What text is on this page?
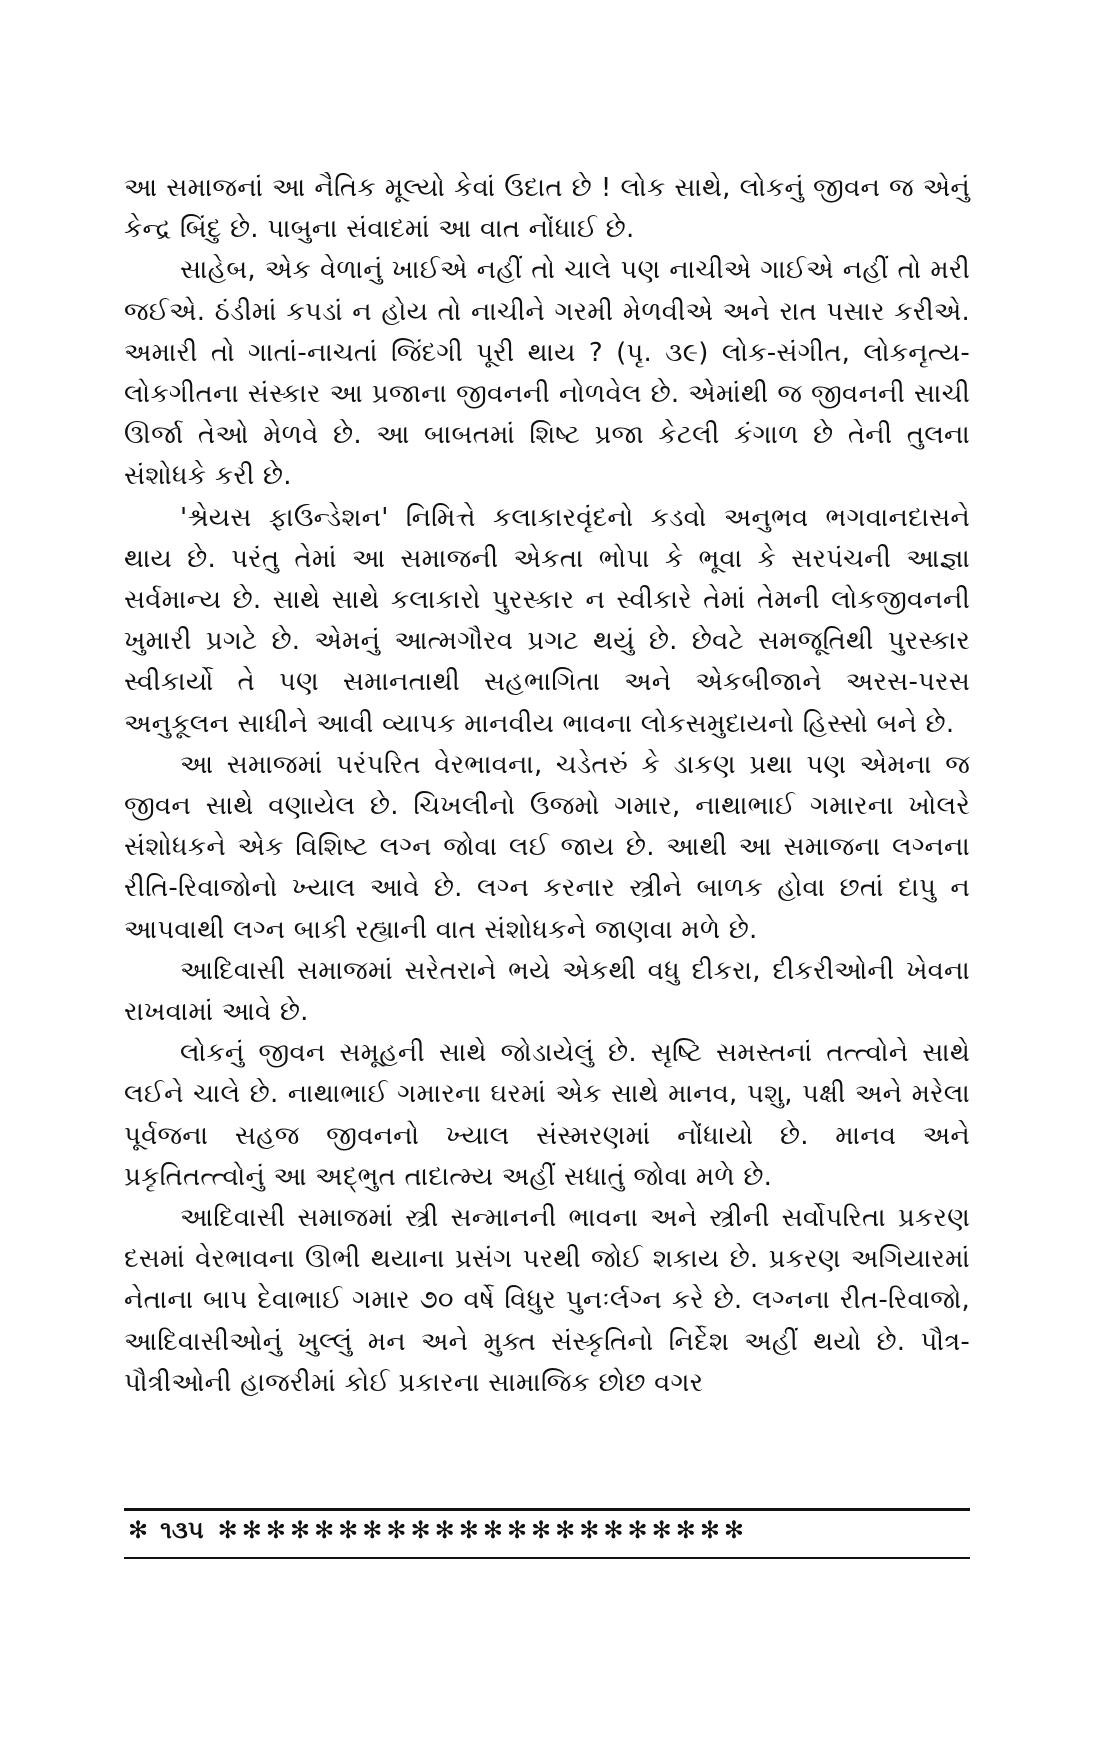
આ સમાજનાં આ નૈતિક મૂલ્યો કેવાં ઉદાત છે ! લોક સાથે, લોકનું જીવન જ એનું કેન્દ્ર બિંદુ છે. પાબુના સંવાદમાં આ વાત નોંધાઈ છે.

સાહેબ, એક વેળાનું ખાઈએ નહીં તો ચાલે પણ નાચીએ ગાઈએ નહીં તો મરી જઈએ. ઠંડીમાં કપડાં ન હોય તો નાચીને ગરમી મેળવીએ અને રાત પસાર કરીએ. અમારી તો ગાતાં-નાચતાં જિંદગી પૂરી થાય ? (પૃ. ૩૯) લોક-સંગીત, લોકનૃત્ય-લોકગીતના સંસ્કાર આ પ્રજાના જીવનની નોળવેલ છે. એમાંથી જ જીવનની સાચી ઊર્જા તેઓ મેળવે છે. આ બાબતમાં શિષ્ટ પ્રજા કેટલી કંગાળ છે તેની તુલના સંશોધકે કરી છે.

'શ્રેયસ ફાઉન્ડેશન' નિમિત્તે કલાકારવૃંદનો કડવો અનુભવ ભગવાનદાસને થાય છે. પરંતુ તેમાં આ સમાજની એકતા ભોપા કે ભૂવા કે સરપંચની આજ્ઞા સર્વમાન્ય છે. સાથે સાથે કલાકારો પુરસ્કાર ન સ્વીકારે તેમાં તેમની લોકજીવનની ખુમારી પ્રગટે છે. એમનું આત્મગૌરવ પ્રગટ થયું છે. છેવટે સમજૂતિથી પુરસ્કાર સ્વીકાર્યો તે પણ સમાનતાથી સહભાગિતા અને એકબીજાને અરસ-પરસ અનુકૂલન સાધીને આવી વ્યાપક માનવીય ભાવના લોકસમુદાયનો હિસ્સો બને છે.

આ સમાજમાં પરંપરિત વેરભાવના, ચડેતરું કે ડાકણ પ્રથા પણ એમના જ જીવન સાથે વણાયેલ છે. ચિખલીનો ઉજમો ગમાર, નાથાભાઈ ગમારના ખોલરે સંશોધકને એક વિશિષ્ટ લગ્ન જોવા લઈ જાય છે. આથી આ સમાજના લગ્નના રીતિ-રિવાજોનો ખ્યાલ આવે છે. લગ્ન કરનાર સ્ત્રીને બાળક હોવા છતાં દાપુ ન આપવાથી લગ્ન બાકી રહ્યાની વાત સંશોધકને જાણવા મળે છે.

આદિવાસી સમાજમાં સરેતરાને ભયે એકથી વધુ દીકરા, દીકરીઓની ખેવના રાખવામાં આવે છે.

લોકનું જીવન સમૂહની સાથે જોડાયેલું છે. સૃષ્ટિ સમસ્તનાં તત્ત્વોને સાથે લઈને ચાલે છે. નાથાભાઈ ગમારના ઘરમાં એક સાથે માનવ, પશુ, પક્ષી અને મરેલા પૂર્વજના સહજ જીવનનો ખ્યાલ સંસ્મરણમાં નોંધાયો છે. માનવ અને પ્રકૃતિતત્ત્વોનું આ અદ્‌ભુત તાદાત્મ્ય અહીં સધાતું જોવા મળે છે.

આદિવાસી સમાજમાં સ્ત્રી સન્માનની ભાવના અને સ્ત્રીની સર્વોપરિતા પ્રકરણ દસમાં વેરભાવના ઊભી થયાના પ્રસંગ પરથી જોઈ શકાય છે. પ્રકરણ અગિયારમાં નેતાના બાપ દેવાભાઈ ગમાર ૭૦ વર્ષે વિધુર પુનઃર્લગ્ન કરે છે. લગ્નના રીત-રિવાજો, આદિવાસીઓનું ખુલ્લું મન અને મુક્ત સંસ્કૃતિનો નિર્દેશ અહીં થયો છે. પૌત્ર-પૌત્રીઓની હાજરીમાં કોઈ પ્રકારના સામાજિક છોછ વગર

✻ ૧૩૫ ✻✻✻✻✻✻✻✻✻✻✻✻✻✻✻✻✻✻✻✻✻✻
